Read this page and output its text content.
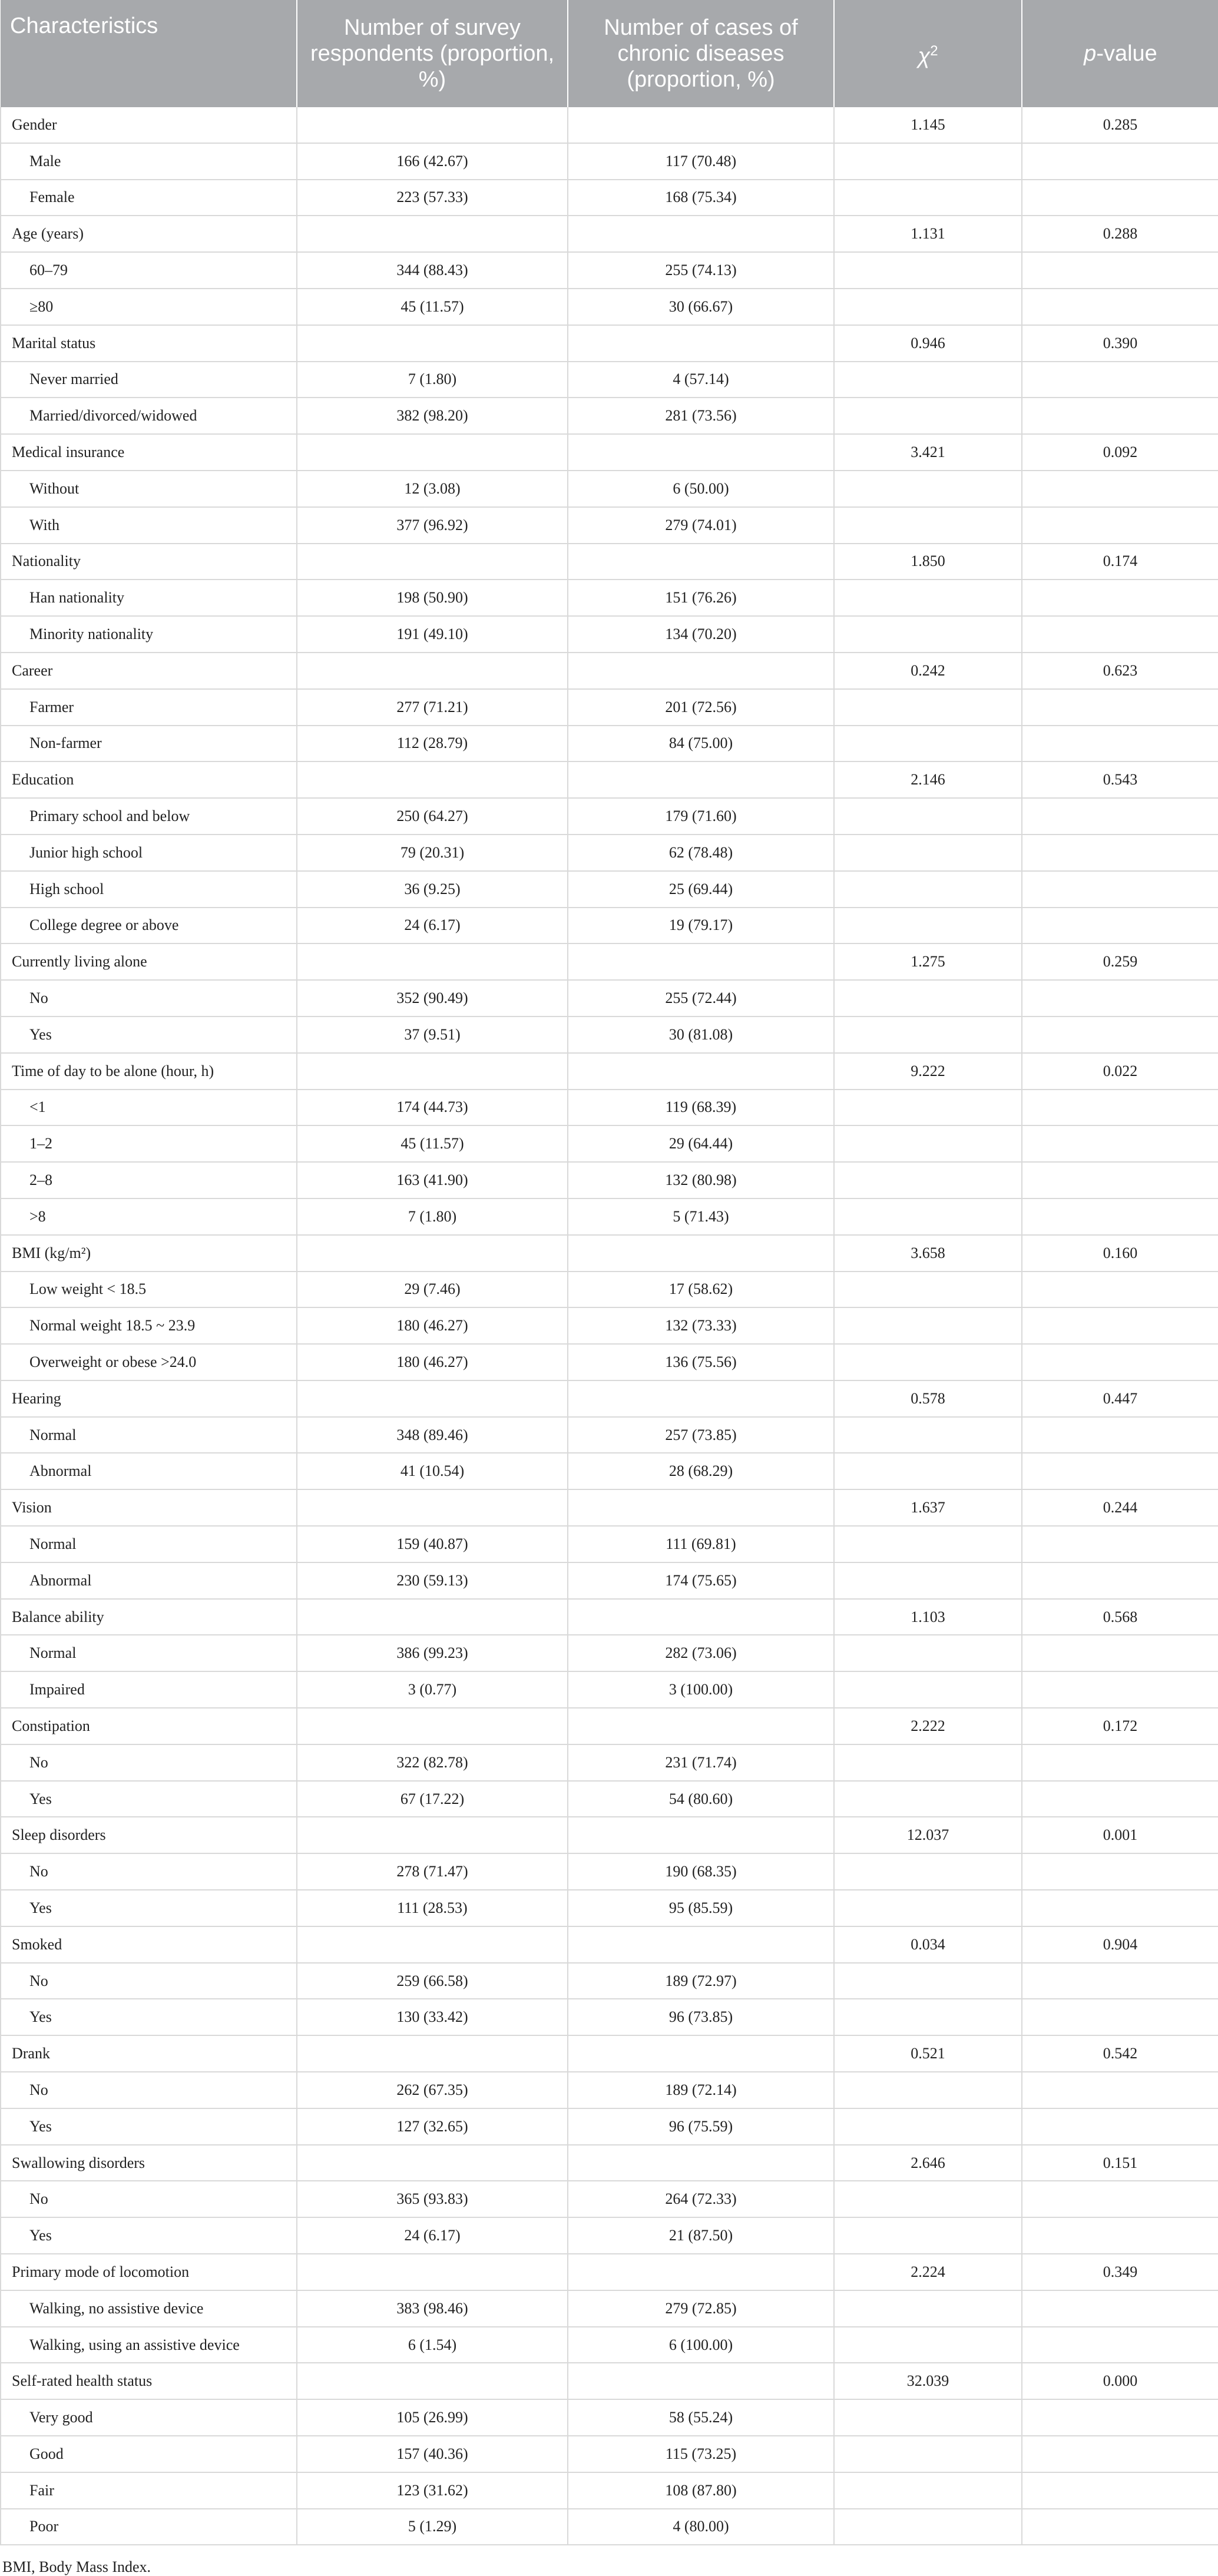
Characteristics	Number of survey respondents (proportion, %)	Number of cases of chronic diseases (proportion, %)	$\chi^2$	p-value
Gender			1.145	0.285
Male	166 (42.67)	117 (70.48)		
Female	223 (57.33)	168 (75.34)		
Age (years)			1.131	0.288
60–79	344 (88.43)	255 (74.13)		
≥80	45 (11.57)	30 (66.67)		
Marital status			0.946	0.390
Never married	7 (1.80)	4 (57.14)		
Married/divorced/widowed	382 (98.20)	281 (73.56)		
Medical insurance			3.421	0.092
Without	12 (3.08)	6 (50.00)		
With	377 (96.92)	279 (74.01)		
Nationality			1.850	0.174
Han nationality	198 (50.90)	151 (76.26)		
Minority nationality	191 (49.10)	134 (70.20)		
Career			0.242	0.623
Farmer	277 (71.21)	201 (72.56)		
Non-farmer	112 (28.79)	84 (75.00)		
Education			2.146	0.543
Primary school and below	250 (64.27)	179 (71.60)		
Junior high school	79 (20.31)	62 (78.48)		
High school	36 (9.25)	25 (69.44)		
College degree or above	24 (6.17)	19 (79.17)		
Currently living alone			1.275	0.259
No	352 (90.49)	255 (72.44)		
Yes	37 (9.51)	30 (81.08)		
Time of day to be alone (hour, h)			9.222	0.022
<1	174 (44.73)	119 (68.39)		
1–2	45 (11.57)	29 (64.44)		
2–8	163 (41.90)	132 (80.98)		
>8	7 (1.80)	5 (71.43)		
BMI (kg/m²)			3.658	0.160
Low weight < 18.5	29 (7.46)	17 (58.62)		
Normal weight 18.5 ~ 23.9	180 (46.27)	132 (73.33)		
Overweight or obese >24.0	180 (46.27)	136 (75.56)		
Hearing			0.578	0.447
Normal	348 (89.46)	257 (73.85)		
Abnormal	41 (10.54)	28 (68.29)		
Vision			1.637	0.244
Normal	159 (40.87)	111 (69.81)		
Abnormal	230 (59.13)	174 (75.65)		
Balance ability			1.103	0.568
Normal	386 (99.23)	282 (73.06)		
Impaired	3 (0.77)	3 (100.00)		
Constipation			2.222	0.172
No	322 (82.78)	231 (71.74)		
Yes	67 (17.22)	54 (80.60)		
Sleep disorders			12.037	0.001
No	278 (71.47)	190 (68.35)		
Yes	111 (28.53)	95 (85.59)		
Smoked			0.034	0.904
No	259 (66.58)	189 (72.97)		
Yes	130 (33.42)	96 (73.85)		
Drank			0.521	0.542
No	262 (67.35)	189 (72.14)		
Yes	127 (32.65)	96 (75.59)		
Swallowing disorders			2.646	0.151
No	365 (93.83)	264 (72.33)		
Yes	24 (6.17)	21 (87.50)		
Primary mode of locomotion			2.224	0.349
Walking, no assistive device	383 (98.46)	279 (72.85)		
Walking, using an assistive device	6 (1.54)	6 (100.00)		
Self-rated health status			32.039	0.000
Very good	105 (26.99)	58 (55.24)		
Good	157 (40.36)	115 (73.25)		
Fair	123 (31.62)	108 (87.80)		
Poor	5 (1.29)	4 (80.00)		
BMI, Body Mass Index.
